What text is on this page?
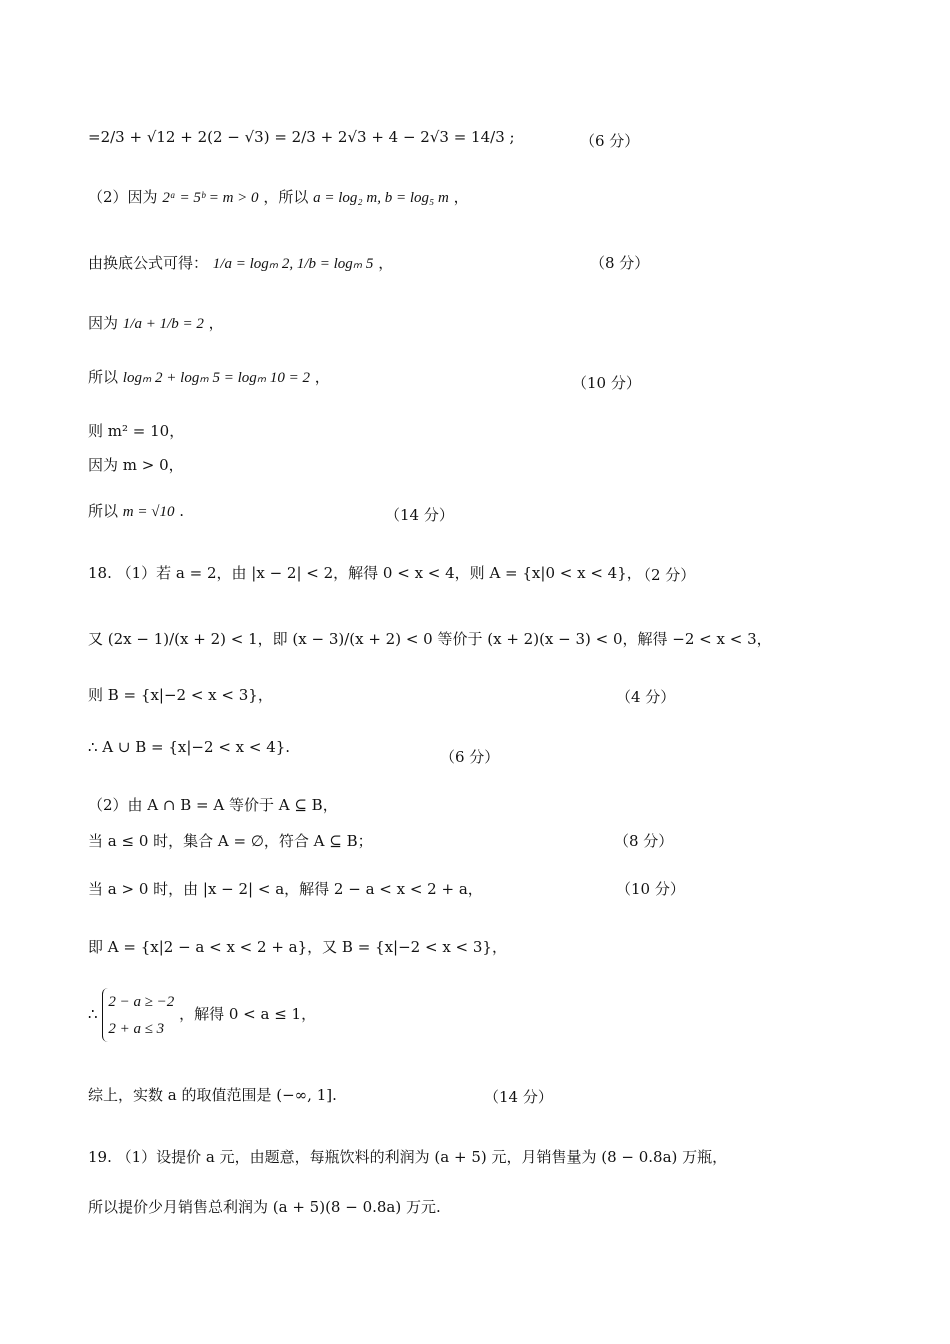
=2/3 + √12 + 2(2 − √3) = 2/3 + 2√3 + 4 − 2√3 = 14/3 ;	（6 分）
（2）因为 2ᵃ = 5ᵇ = m > 0 ，所以 a = log₂ m, b = log₅ m ，
由换底公式可得： 1/a = logₘ 2, 1/b = logₘ 5 ，	（8 分）
因为 1/a + 1/b = 2 ，
所以 logₘ 2 + logₘ 5 = logₘ 10 = 2 ，	（10 分）
则 m² = 10，
因为 m > 0，
所以 m = √10 .	（14 分）
18. （1）若 a = 2，由 |x − 2| < 2，解得 0 < x < 4，则 A = {x|0 < x < 4}，
（2 分）
又 (2x − 1)/(x + 2) < 1，即 (x − 3)/(x + 2) < 0 等价于 (x + 2)(x − 3) < 0，解得 −2 < x < 3，
则 B = {x|−2 < x < 3}，	（4 分）
∴ A ∪ B = {x|−2 < x < 4}.
（6 分）
（2）由 A ∩ B = A 等价于 A ⊆ B，
当 a ≤ 0 时，集合 A = ∅，符合 A ⊆ B；	（8 分）
当 a > 0 时，由 |x − 2| < a，解得 2 − a < x < 2 + a，	（10 分）
即 A = {x|2 − a < x < 2 + a}，又 B = {x|−2 < x < 3}，
∴ 2 − a ≥ −2
2 + a ≤ 3 ，解得 0 < a ≤ 1，
综上，实数 a 的取值范围是 (−∞, 1].	（14 分）
19. （1）设提价 a 元，由题意，每瓶饮料的利润为 (a + 5) 元，月销售量为 (8 − 0.8a) 万瓶，
所以提价少月销售总利润为 (a + 5)(8 − 0.8a) 万元.
